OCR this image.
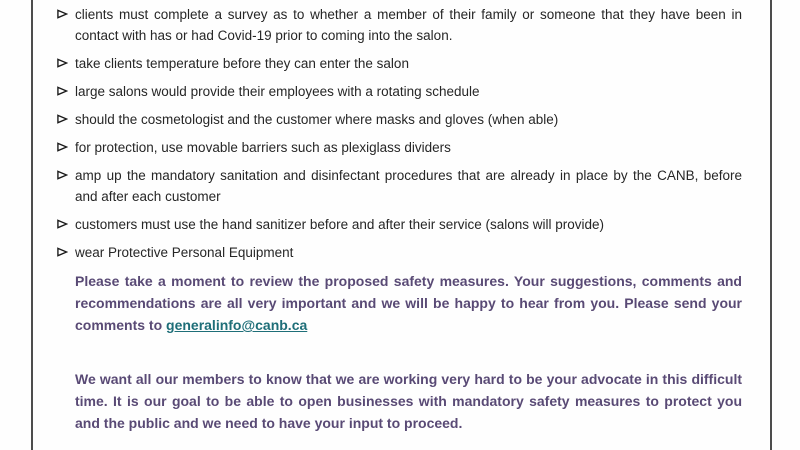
clients must complete a survey as to whether a member of their family or someone that they have been in contact with has or had Covid-19 prior to coming into the salon.
take clients temperature before they can enter the salon
large salons would provide their employees with a rotating schedule
should the cosmetologist and the customer where masks and gloves (when able)
for protection, use movable barriers such as plexiglass dividers
amp up the mandatory sanitation and disinfectant procedures that are already in place by the CANB, before and after each customer
customers must use the hand sanitizer before and after their service (salons will provide)
wear Protective Personal Equipment

Please take a moment to review the proposed safety measures. Your suggestions, comments and recommendations are all very important and we will be happy to hear from you. Please send your comments to generalinfo@canb.ca

We want all our members to know that we are working very hard to be your advocate in this difficult time. It is our goal to be able to open businesses with mandatory safety measures to protect you and the public and we need to have your input to proceed.
